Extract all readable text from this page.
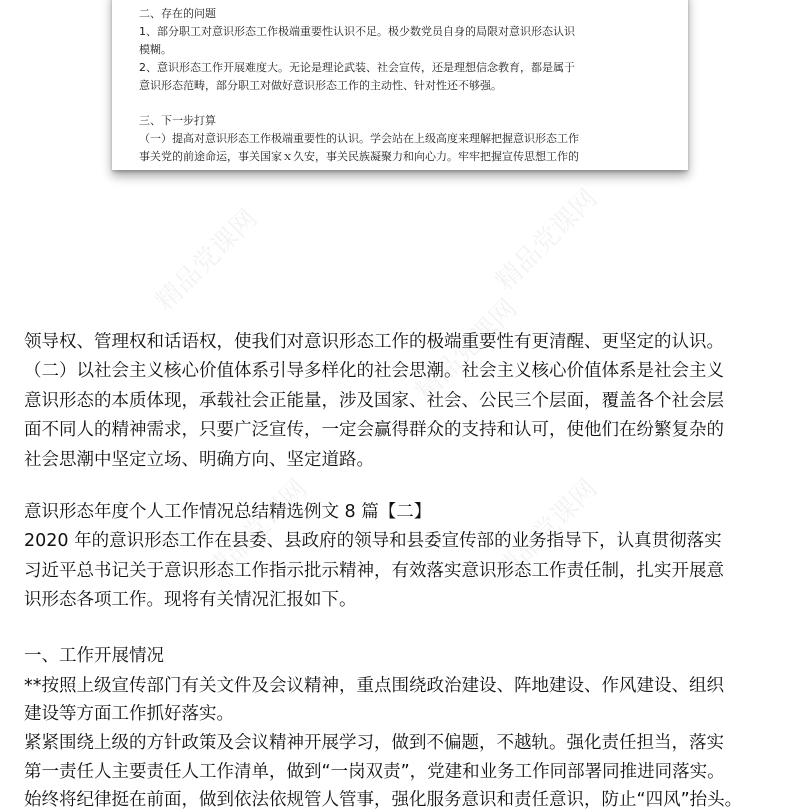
二、存在的问题
1、部分职工对意识形态工作极端重要性认识不足。极少数党员自身的局限对意识形态认识
模糊。
2、意识形态工作开展难度大。无论是理论武装、社会宣传，还是理想信念教育，都是属于
意识形态范畴，部分职工对做好意识形态工作的主动性、针对性还不够强。
三、下一步打算
（一）提高对意识形态工作极端重要性的认识。学会站在上级高度来理解把握意识形态工作
事关党的前途命运，事关国家ｘ久安，事关民族凝聚力和向心力。牢牢把握宣传思想工作的
精品党课网	精品党课网
精品党课网
精品党课网
精品党课网
领导权、管理权和话语权，使我们对意识形态工作的极端重要性有更清醒、更坚定的认识。
（二）以社会主义核心价值体系引导多样化的社会思潮。社会主义核心价值体系是社会主义
意识形态的本质体现，承载社会正能量，涉及国家、社会、公民三个层面，覆盖各个社会层
面不同人的精神需求，只要广泛宣传，一定会赢得群众的支持和认可，使他们在纷繁复杂的
社会思潮中坚定立场、明确方向、坚定道路。
意识形态年度个人工作情况总结精选例文 8 篇【二】
2020 年的意识形态工作在县委、县政府的领导和县委宣传部的业务指导下，认真贯彻落实
习近平总书记关于意识形态工作指示批示精神，有效落实意识形态工作责任制，扎实开展意
识形态各项工作。现将有关情况汇报如下。
一、工作开展情况
**按照上级宣传部门有关文件及会议精神，重点围绕政治建设、阵地建设、作风建设、组织
建设等方面工作抓好落实。
紧紧围绕上级的方针政策及会议精神开展学习，做到不偏题，不越轨。强化责任担当，落实
第一责任人主要责任人工作清单，做到“一岗双责”，党建和业务工作同部署同推进同落实。
始终将纪律挺在前面，做到依法依规管人管事，强化服务意识和责任意识，防止“四风”抬头。
